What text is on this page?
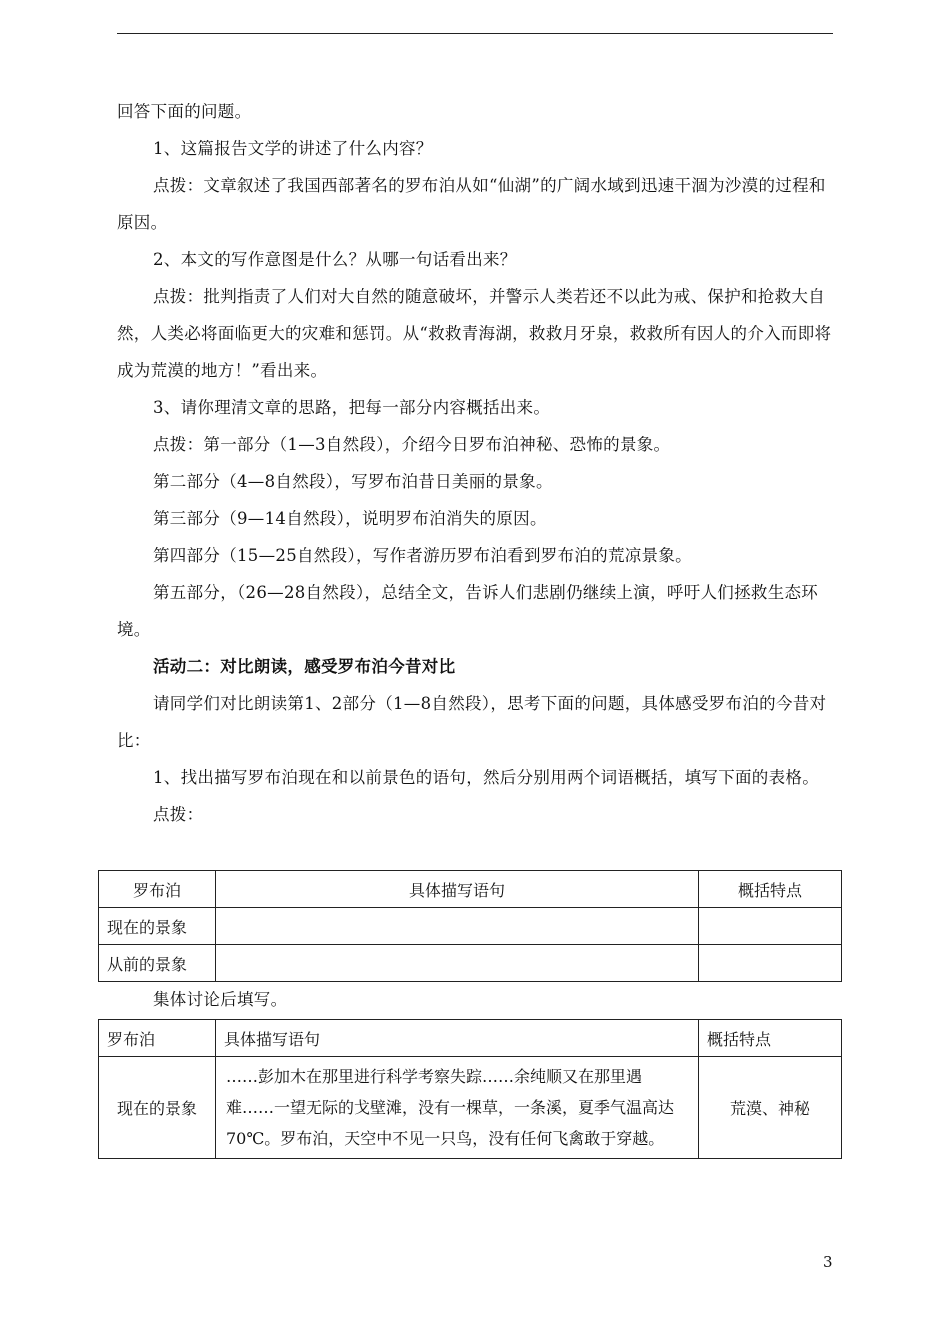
回答下面的问题。

1、这篇报告文学的讲述了什么内容？

点拨：文章叙述了我国西部著名的罗布泊从如“仙湖”的广阔水域到迅速干涸为沙漠的过程和原因。

2、本文的写作意图是什么？从哪一句话看出来？

点拨：批判指责了人们对大自然的随意破坏，并警示人类若还不以此为戒、保护和抢救大自然，人类必将面临更大的灾难和惩罚。从“救救青海湖，救救月牙泉，救救所有因人的介入而即将成为荒漠的地方！”看出来。

3、请你理清文章的思路，把每一部分内容概括出来。

点拨：第一部分（1—3自然段），介绍今日罗布泊神秘、恐怖的景象。

第二部分（4—8自然段），写罗布泊昔日美丽的景象。

第三部分（9—14自然段），说明罗布泊消失的原因。

第四部分（15—25自然段），写作者游历罗布泊看到罗布泊的荒凉景象。

第五部分，（26—28自然段），总结全文，告诉人们悲剧仍继续上演，呼吁人们拯救生态环境。

活动二：对比朗读，感受罗布泊今昔对比

请同学们对比朗读第1、2部分（1—8自然段），思考下面的问题，具体感受罗布泊的今昔对比：

1、找出描写罗布泊现在和以前景色的语句，然后分别用两个词语概括，填写下面的表格。

点拨：

罗布泊	具体描写语句	概括特点
现在的景象		
从前的景象		

集体讨论后填写。

罗布泊	具体描写语句	概括特点
现在的景象	……彭加木在那里进行科学考察失踪……余纯顺又在那里遇难……一望无际的戈壁滩，没有一棵草，一条溪，夏季气温高达70℃。罗布泊，天空中不见一只鸟，没有任何飞禽敢于穿越。	荒漠、神秘
3
